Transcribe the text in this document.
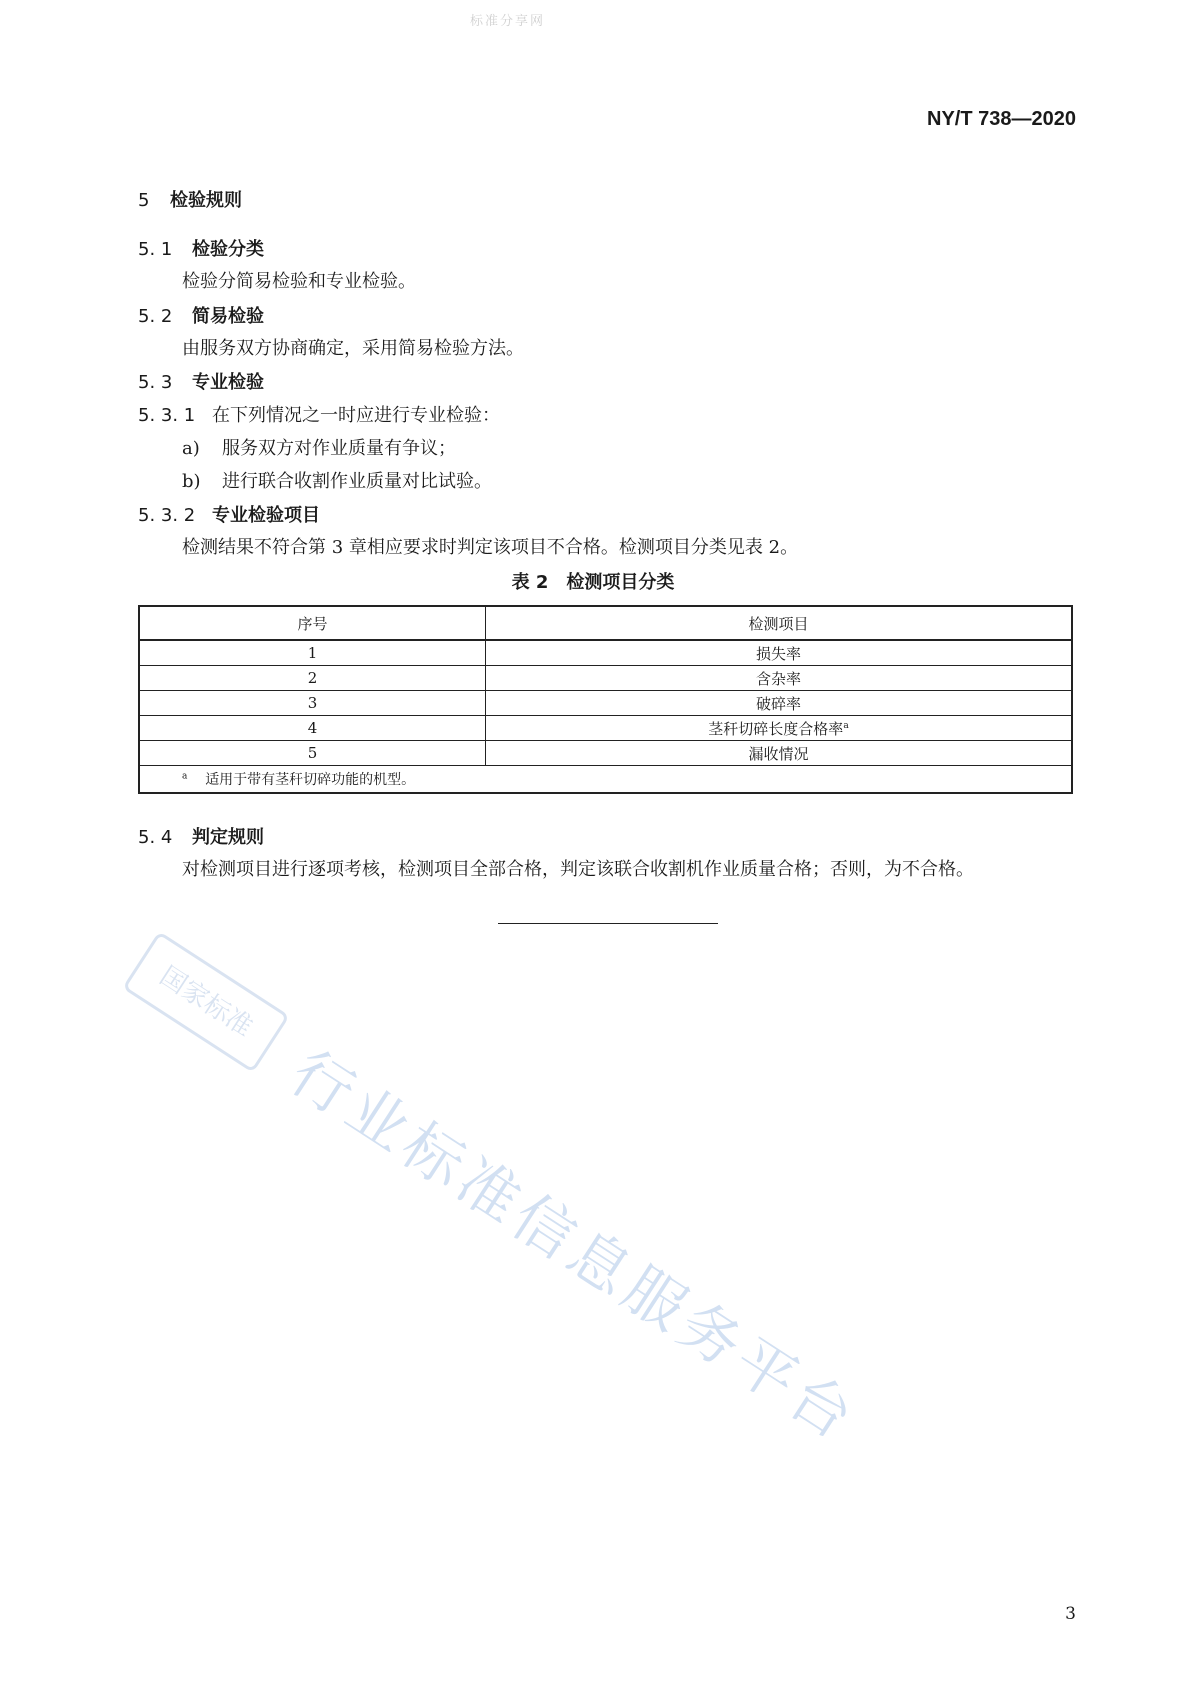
标准分享网
NY/T 738—2020
5 检验规则
5. 1 检验分类
检验分简易检验和专业检验。
5. 2 简易检验
由服务双方协商确定，采用简易检验方法。
5. 3 专业检验
5. 3. 1 在下列情况之一时应进行专业检验：
a) 服务双方对作业质量有争议；
b) 进行联合收割作业质量对比试验。
5. 3. 2 专业检验项目
检测结果不符合第 3 章相应要求时判定该项目不合格。检测项目分类见表 2。
表 2　检测项目分类
序号	检测项目
1	损失率
2	含杂率
3	破碎率
4	茎秆切碎长度合格率$^a$
5	漏收情况
$^a$ 适用于带有茎秆切碎功能的机型。	
5. 4 判定规则
对检测项目进行逐项考核，检测项目全部合格，判定该联合收割机作业质量合格；否则，为不合格。
国家标准
行业标准信息服务平台
3
